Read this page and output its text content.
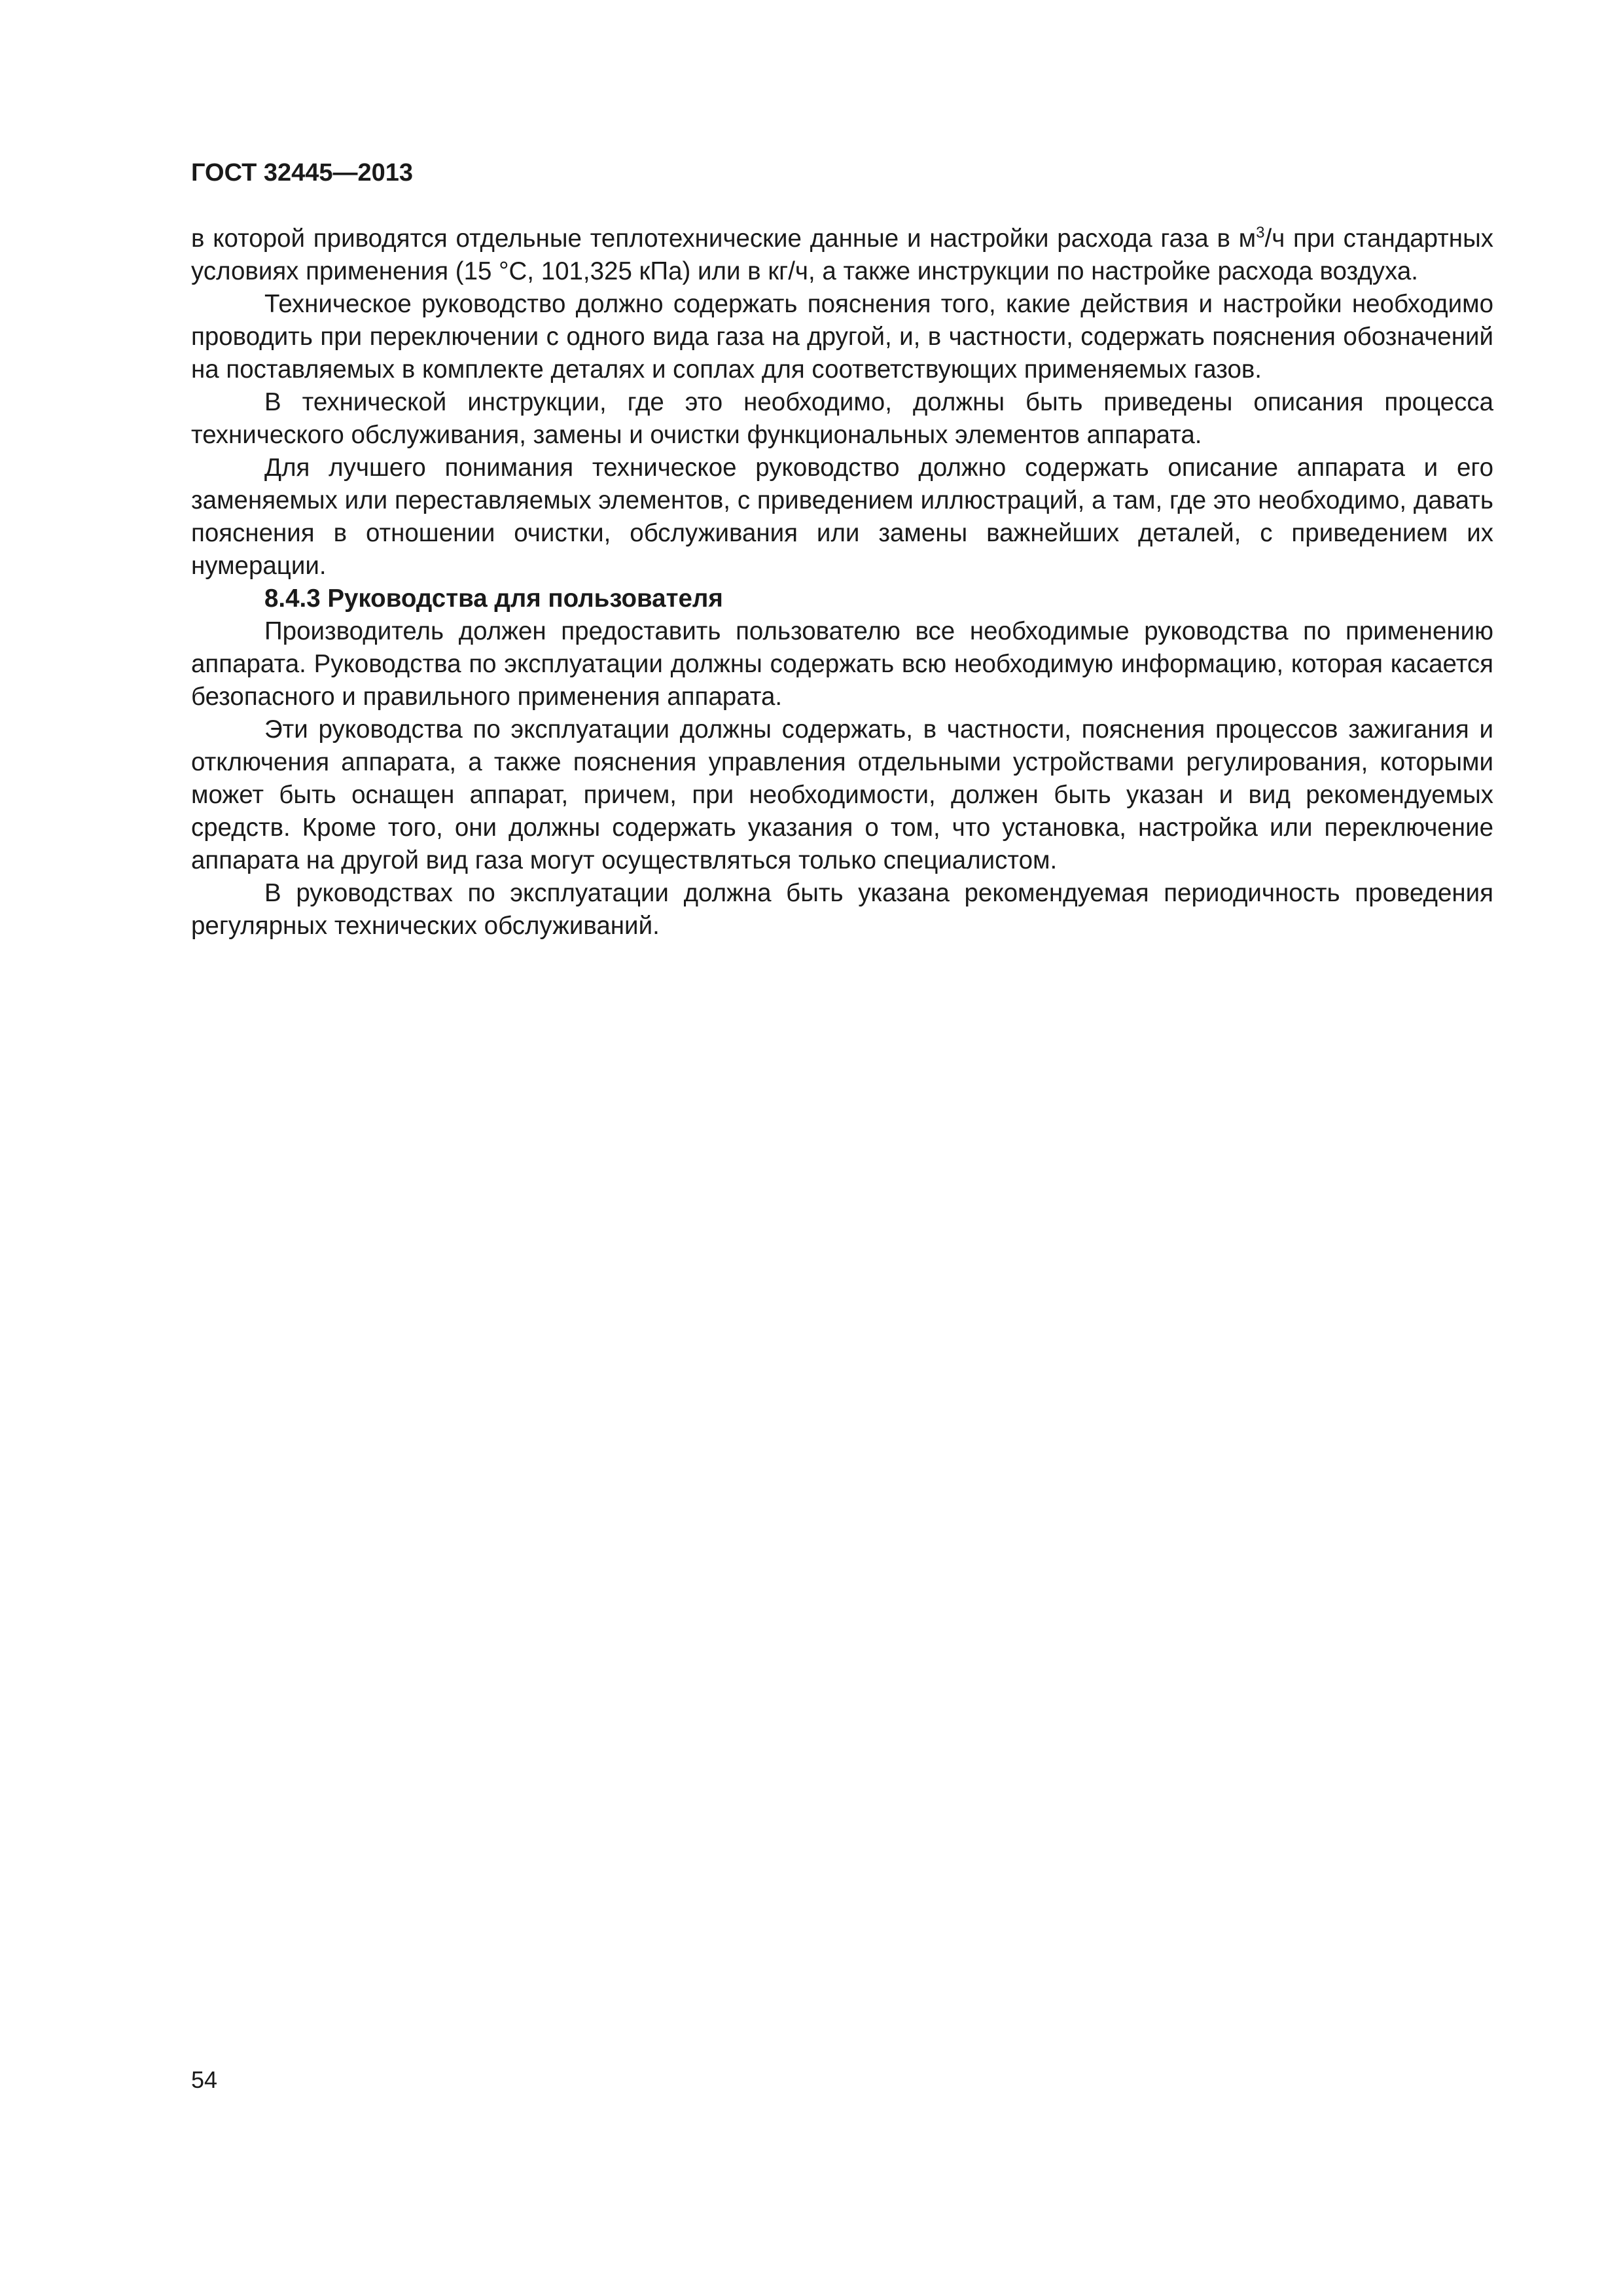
ГОСТ 32445—2013

в которой приводятся отдельные теплотехнические данные и настройки расхода газа в $м^3/ч$ при стандартных условиях применения (15 °С, 101,325 кПа) или в кг/ч, а также инструкции по настройке расхода воздуха.

Техническое руководство должно содержать пояснения того, какие действия и настройки необходимо проводить при переключении с одного вида газа на другой, и, в частности, содержать пояснения обозначений на поставляемых в комплекте деталях и соплах для соответствующих применяемых газов.

В технической инструкции, где это необходимо, должны быть приведены описания процесса технического обслуживания, замены и очистки функциональных элементов аппарата.

Для лучшего понимания техническое руководство должно содержать описание аппарата и его заменяемых или переставляемых элементов, с приведением иллюстраций, а там, где это необходимо, давать пояснения в отношении очистки, обслуживания или замены важнейших деталей, с приведением их нумерации.

8.4.3 Руководства для пользователя

Производитель должен предоставить пользователю все необходимые руководства по применению аппарата. Руководства по эксплуатации должны содержать всю необходимую информацию, которая касается безопасного и правильного применения аппарата.

Эти руководства по эксплуатации должны содержать, в частности, пояснения процессов зажигания и отключения аппарата, а также пояснения управления отдельными устройствами регулирования, которыми может быть оснащен аппарат, причем, при необходимости, должен быть указан и вид рекомендуемых средств. Кроме того, они должны содержать указания о том, что установка, настройка или переключение аппарата на другой вид газа могут осуществляться только специалистом.

В руководствах по эксплуатации должна быть указана рекомендуемая периодичность проведения регулярных технических обслуживаний.

54
